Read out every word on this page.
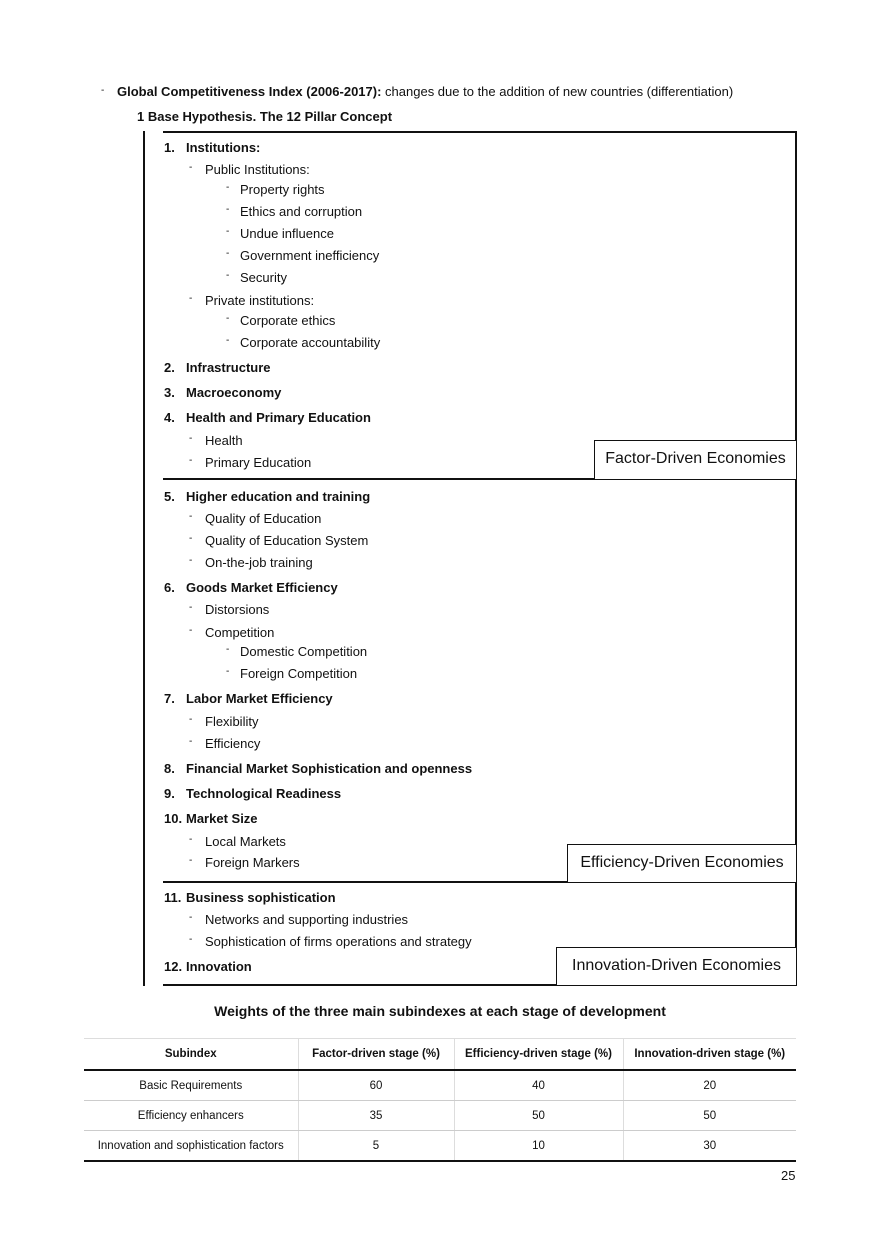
- Global Competitiveness Index (2006-2017): changes due to the addition of new countries (differentiation)
1 Base Hypothesis. The 12 Pillar Concept
1. Institutions:
- Public Institutions:
- Property rights
- Ethics and corruption
- Undue influence
- Government inefficiency
- Security
- Private institutions:
- Corporate ethics
- Corporate accountability
2. Infrastructure
3. Macroeconomy
4. Health and Primary Education
- Health
- Primary Education
5. Higher education and training
- Quality of Education
- Quality of Education System
- On-the-job training
6. Goods Market Efficiency
- Distorsions
- Competition
- Domestic Competition
- Foreign Competition
7. Labor Market Efficiency
- Flexibility
- Efficiency
8. Financial Market Sophistication and openness
9. Technological Readiness
10. Market Size
- Local Markets
- Foreign Markers
11. Business sophistication
- Networks and supporting industries
- Sophistication of firms operations and strategy
12. Innovation
Factor-Driven Economies
Efficiency-Driven Economies
Innovation-Driven Economies
Weights of the three main subindexes at each stage of development
Subindex	Factor-driven stage (%)	Efficiency-driven stage (%)	Innovation-driven stage (%)
Basic Requirements	60	40	20
Efficiency enhancers	35	50	50
Innovation and sophistication factors	5	10	30
25
